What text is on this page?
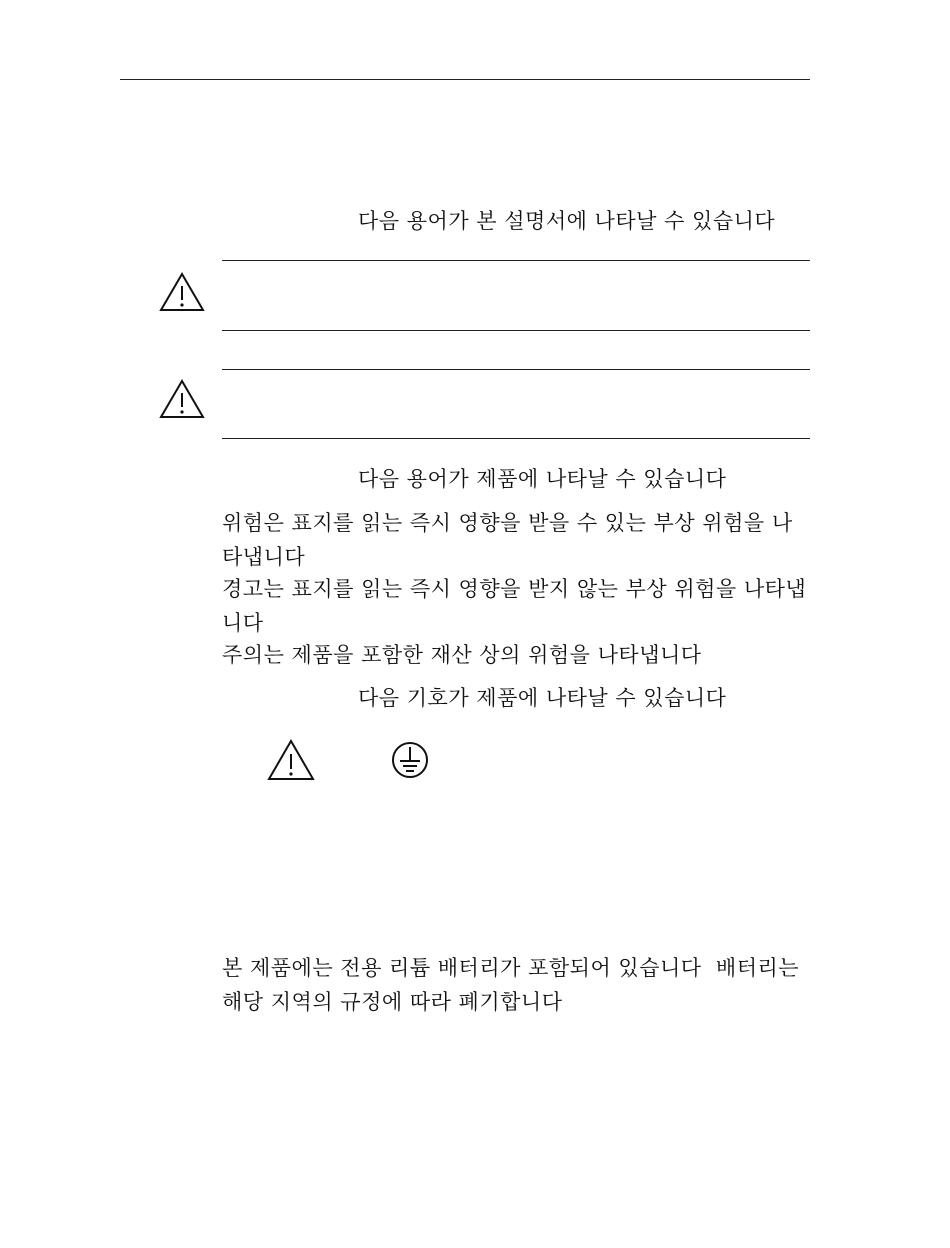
다음 용어가 본 설명서에 나타날 수 있습니다
다음 용어가 제품에 나타날 수 있습니다
위험은 표지를 읽는 즉시 영향을 받을 수 있는 부상 위험을 나타냅니다
경고는 표지를 읽는 즉시 영향을 받지 않는 부상 위험을 나타냅니다
주의는 제품을 포함한 재산 상의 위험을 나타냅니다
다음 기호가 제품에 나타날 수 있습니다
본 제품에는 전용 리튬 배터리가 포함되어 있습니다  배터리는 해당 지역의 규정에 따라 폐기합니다
